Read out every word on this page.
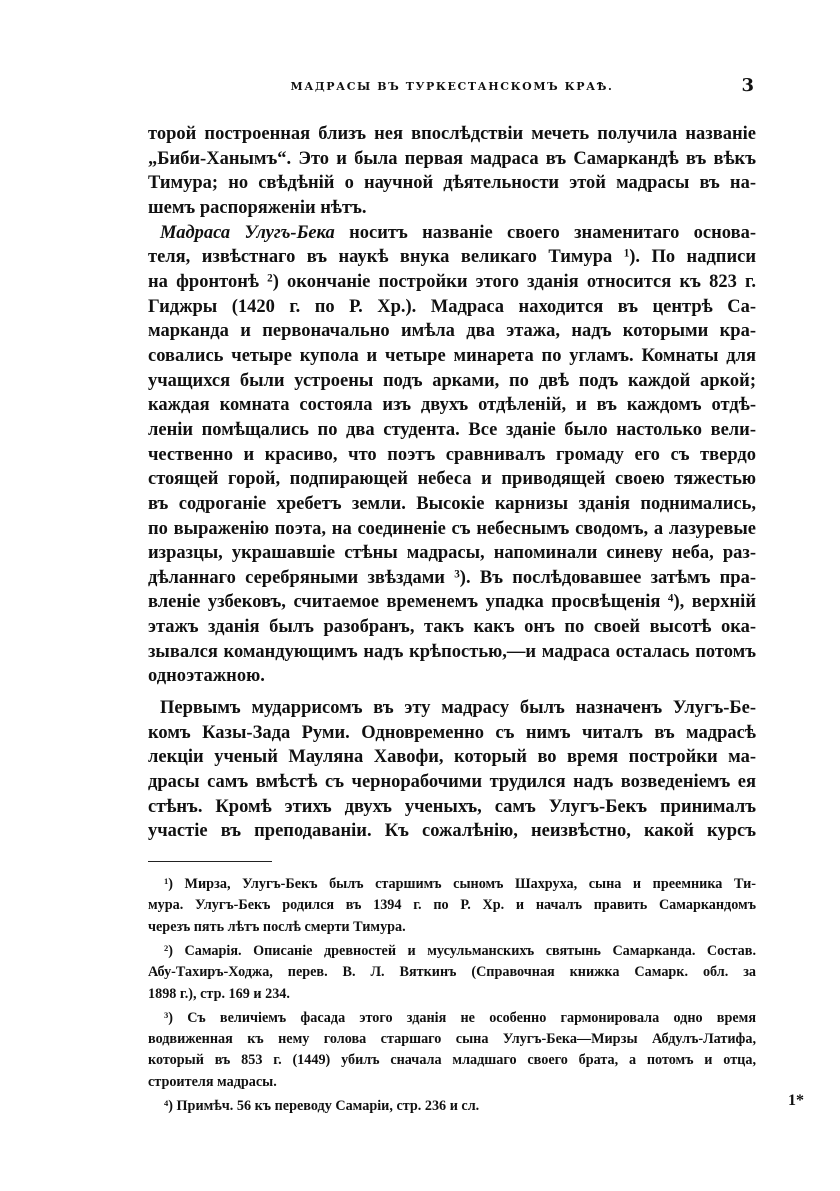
МАДРАСЫ ВЪ ТУРКЕСТАНСКОМЪ КРАѢ.	3

торой построенная близъ нея впослѣдствіи мечеть получила названіе
„Биби-Ханымъ“. Это и была первая мадраса въ Самаркандѣ въ вѣкъ
Тимура; но свѣдѣній о научной дѣятельности этой мадрасы въ на-
шемъ распоряженіи нѣтъ.

Мадраса Улугъ-Бека носитъ названіе своего знаменитаго основа-
теля, извѣстнаго въ наукѣ внука великаго Тимура $^1$). По надписи
на фронтонѣ $^2$) окончаніе постройки этого зданія относится къ 823 г.
Гиджры (1420 г. по Р. Хр.). Мадраса находится въ центрѣ Са-
марканда и первоначально имѣла два этажа, надъ которыми кра-
совались четыре купола и четыре минарета по угламъ. Комнаты для
учащихся были устроены подъ арками, по двѣ подъ каждой аркой;
каждая комната состояла изъ двухъ отдѣленій, и въ каждомъ отдѣ-
леніи помѣщались по два студента. Все зданіе было настолько вели-
чественно и красиво, что поэтъ сравнивалъ громаду его съ твердо
стоящей горой, подпирающей небеса и приводящей своею тяжестью
въ содроганіе хребетъ земли. Высокіе карнизы зданія поднимались,
по выраженію поэта, на соединеніе съ небеснымъ сводомъ, а лазуревые
изразцы, украшавшіе стѣны мадрасы, напоминали синеву неба, раз-
дѣланнаго серебряными звѣздами $^3$). Въ послѣдовавшее затѣмъ пра-
вленіе узбековъ, считаемое временемъ упадка просвѣщенія $^4$), верхній
этажъ зданія былъ разобранъ, такъ какъ онъ по своей высотѣ ока-
зывался командующимъ надъ крѣпостью,—и мадраса осталась потомъ
одноэтажною.

Первымъ мударрисомъ въ эту мадрасу былъ назначенъ Улугъ-Бе-
комъ Казы-Зада Руми. Одновременно съ нимъ читалъ въ мадрасѣ
лекціи ученый Мауляна Хавофи, который во время постройки ма-
драсы самъ вмѣстѣ съ чернорабочими трудился надъ возведеніемъ ея
стѣнъ. Кромѣ этихъ двухъ ученыхъ, самъ Улугъ-Бекъ принималъ
участіе въ преподаваніи. Къ сожалѣнію, неизвѣстно, какой курсъ

$^1$) Мирза, Улугъ-Бекъ былъ старшимъ сыномъ Шахруха, сына и преемника Ти-
мура. Улугъ-Бекъ родился въ 1394 г. по Р. Хр. и началъ править Самаркандомъ
черезъ пять лѣтъ послѣ смерти Тимура.

$^2$) Самарія. Описаніе древностей и мусульманскихъ святынь Самарканда. Состав.
Абу-Тахиръ-Ходжа, перев. В. Л. Вяткинъ (Справочная книжка Самарк. обл. за
1898 г.), стр. 169 и 234.

$^3$) Съ величіемъ фасада этого зданія не особенно гармонировала одно время
водвиженная къ нему голова старшаго сына Улугъ-Бека—Мирзы Абдулъ-Латифа,
который въ 853 г. (1449) убилъ сначала младшаго своего брата, а потомъ и отца,
строителя мадрасы.

$^4$) Примѣч. 56 къ переводу Самаріи, стр. 236 и сл.	1*
